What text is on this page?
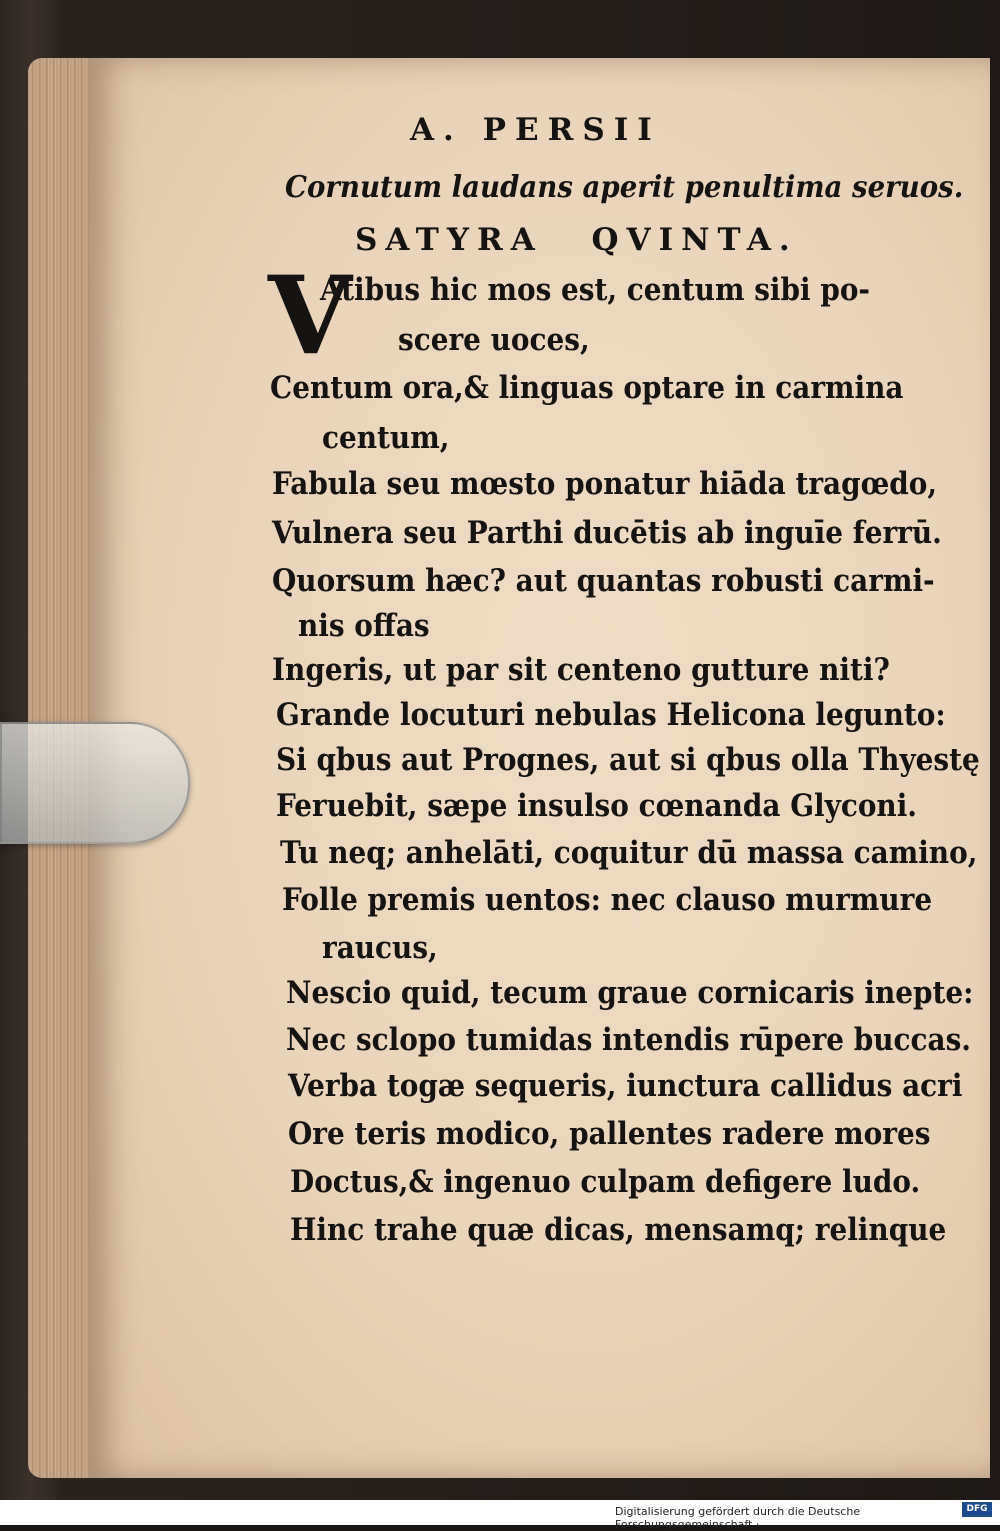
A. PERSII
Cornutum laudans aperit penultima seruos.
SATYRA QVINTA.
V
Atibus hic mos est, centum sibi po-
scere uoces,
Centum ora,& linguas optare in carmina
centum,
Fabula seu mœsto ponatur hiāda tragœdo,
Vulnera seu Parthi ducētis ab inguīe ferrū.
Quorsum hæc? aut quantas robusti carmi-
nis offas
Ingeris, ut par sit centeno gutture niti?
Grande locuturi nebulas Helicona legunto:
Si qbus aut Prognes, aut si qbus olla Thyestę
Feruebit, sæpe insulso cœnanda Glyconi.
Tu neq; anhelāti, coquitur dū massa camino,
Folle premis uentos: nec clauso murmure
raucus,
Nescio quid, tecum graue cornicaris inepte:
Nec sclopo tumidas intendis rūpere buccas.
Verba togæ sequeris, iunctura callidus acri
Ore teris modico, pallentes radere mores
Doctus,& ingenuo culpam defigere ludo.
Hinc trahe quæ dicas, mensamq; relinque
Digitalisierung gefördert durch die Deutsche Forschungsgemeinschaft ·
DFG
